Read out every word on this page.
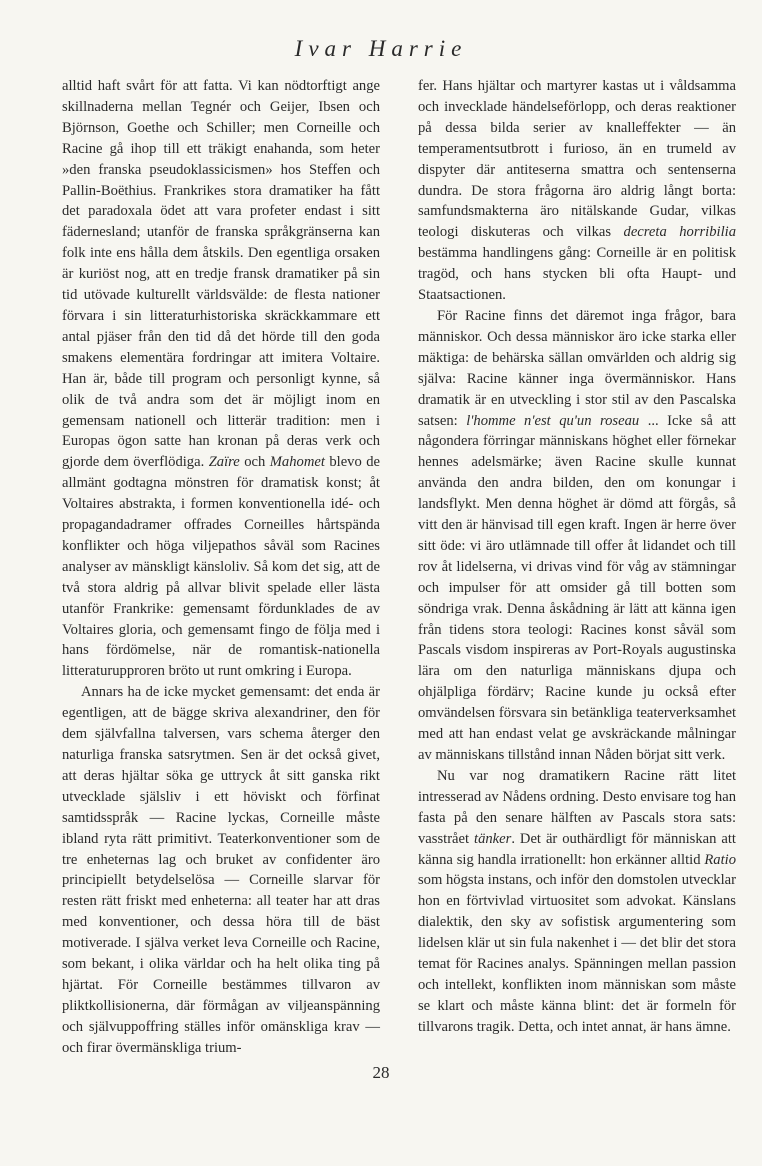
Ivar Harrie

alltid haft svårt för att fatta. Vi kan nödtorftigt ange skillnaderna mellan Tegnér och Geijer, Ibsen och Björnson, Goethe och Schiller; men Corneille och Racine gå ihop till ett träkigt enahanda, som heter »den franska pseudoklassicismen» hos Steffen och Pallin-Boëthius. Frankrikes stora dramatiker ha fått det paradoxala ödet att vara profeter endast i sitt fädernesland; utanför de franska språkgränserna kan folk inte ens hålla dem åtskils. Den egentliga orsaken är kuriöst nog, att en tredje fransk dramatiker på sin tid utövade kulturellt världsvälde: de flesta nationer förvara i sin litteraturhistoriska skräckkammare ett antal pjäser från den tid då det hörde till den goda smakens elementära fordringar att imitera Voltaire. Han är, både till program och personligt kynne, så olik de två andra som det är möjligt inom en gemensam nationell och litterär tradition: men i Europas ögon satte han kronan på deras verk och gjorde dem överflödiga. Zaïre och Mahomet blevo de allmänt godtagna mönstren för dramatisk konst; åt Voltaires abstrakta, i formen konventionella idé- och propagandadramer offrades Corneilles hårtspända konflikter och höga viljepathos såväl som Racines analyser av mänskligt känsloliv. Så kom det sig, att de två stora aldrig på allvar blivit spelade eller lästa utanför Frankrike: gemensamt fördunklades de av Voltaires gloria, och gemensamt fingo de följa med i hans fördömelse, när de romantisk-nationella litteraturupproren bröto ut runt omkring i Europa.

Annars ha de icke mycket gemensamt: det enda är egentligen, att de bägge skriva alexandriner, den för dem självfallna talversen, vars schema återger den naturliga franska satsrytmen. Sen är det också givet, att deras hjältar söka ge uttryck åt sitt ganska rikt utvecklade själsliv i ett höviskt och förfinat samtidsspråk — Racine lyckas, Corneille måste ibland ryta rätt primitivt. Teaterkonventioner som de tre enheternas lag och bruket av confidenter äro principiellt betydelselösa — Corneille slarvar för resten rätt friskt med enheterna: all teater har att dras med konventioner, och dessa höra till de bäst motiverade. I själva verket leva Corneille och Racine, som bekant, i olika världar och ha helt olika ting på hjärtat. För Corneille bestämmes tillvaron av pliktkollisionerna, där förmågan av viljeanspänning och självuppoffring ställes inför omänskliga krav — och firar övermänskliga trium-

fer. Hans hjältar och martyrer kastas ut i våldsamma och invecklade händelseförlopp, och deras reaktioner på dessa bilda serier av knalleffekter — än temperamentsutbrott i furioso, än en trumeld av dispyter där antiteserna smattra och sentenserna dundra. De stora frågorna äro aldrig långt borta: samfundsmakterna äro nitälskande Gudar, vilkas teologi diskuteras och vilkas decreta horribilia bestämma handlingens gång: Corneille är en politisk tragöd, och hans stycken bli ofta Haupt- und Staatsactionen.

För Racine finns det däremot inga frågor, bara människor. Och dessa människor äro icke starka eller mäktiga: de behärska sällan omvärlden och aldrig sig själva: Racine känner inga övermänniskor. Hans dramatik är en utveckling i stor stil av den Pascalska satsen: l'homme n'est qu'un roseau ... Icke så att någondera förringar människans höghet eller förnekar hennes adelsmärke; även Racine skulle kunnat använda den andra bilden, den om konungar i landsflykt. Men denna höghet är dömd att förgås, så vitt den är hänvisad till egen kraft. Ingen är herre över sitt öde: vi äro utlämnade till offer åt lidandet och till rov åt lidelserna, vi drivas vind för våg av stämningar och impulser för att omsider gå till botten som söndriga vrak. Denna åskådning är lätt att känna igen från tidens stora teologi: Racines konst såväl som Pascals visdom inspireras av Port-Royals augustinska lära om den naturliga människans djupa och ohjälpliga fördärv; Racine kunde ju också efter omvändelsen försvara sin betänkliga teaterverksamhet med att han endast velat ge avskräckande målningar av människans tillstånd innan Nåden börjat sitt verk.

Nu var nog dramatikern Racine rätt litet intresserad av Nådens ordning. Desto envisare tog han fasta på den senare hälften av Pascals stora sats: vasstrået tänker. Det är outhärdligt för människan att känna sig handla irrationellt: hon erkänner alltid Ratio som högsta instans, och inför den domstolen utvecklar hon en förtvivlad virtuositet som advokat. Känslans dialektik, den sky av sofistisk argumentering som lidelsen klär ut sin fula nakenhet i — det blir det stora temat för Racines analys. Spänningen mellan passion och intellekt, konflikten inom människan som måste se klart och måste känna blint: det är formeln för tillvarons tragik. Detta, och intet annat, är hans ämne.

28
